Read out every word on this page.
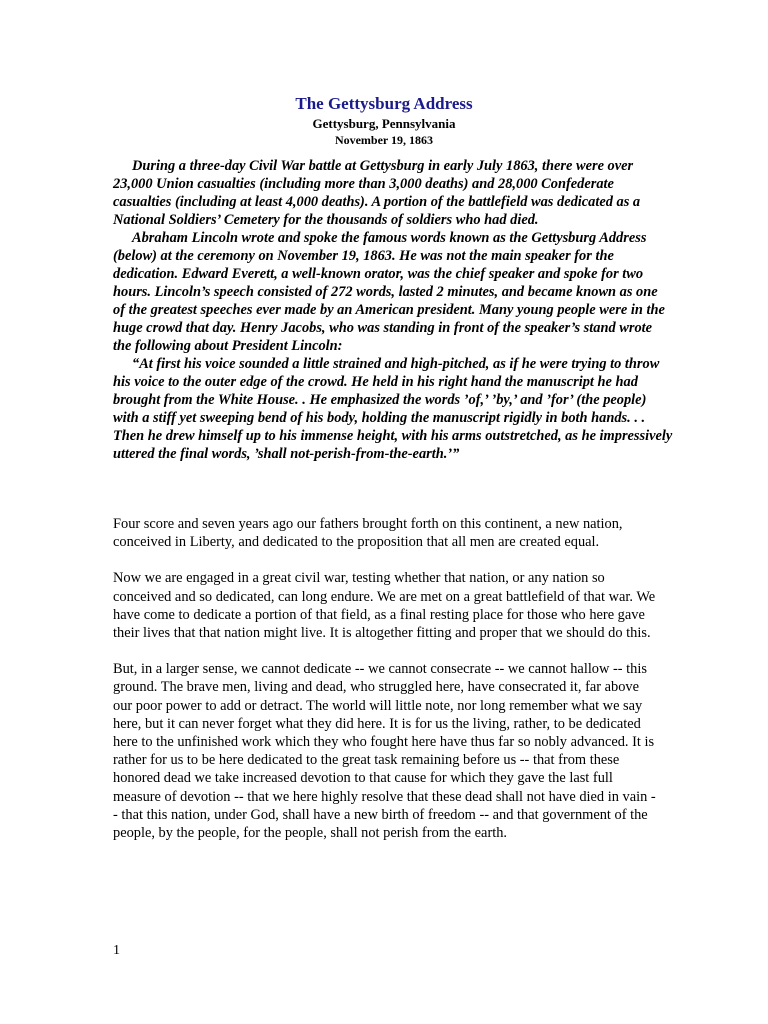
The Gettysburg Address
Gettysburg, Pennsylvania
November 19, 1863

During a three-day Civil War battle at Gettysburg in early July 1863, there were over 23,000 Union casualties (including more than 3,000 deaths) and 28,000 Confederate casualties (including at least 4,000 deaths). A portion of the battlefield was dedicated as a National Soldiers’ Cemetery for the thousands of soldiers who had died.

Abraham Lincoln wrote and spoke the famous words known as the Gettysburg Address (below) at the ceremony on November 19, 1863. He was not the main speaker for the dedication. Edward Everett, a well-known orator, was the chief speaker and spoke for two hours. Lincoln’s speech consisted of 272 words, lasted 2 minutes, and became known as one of the greatest speeches ever made by an American president. Many young people were in the huge crowd that day. Henry Jacobs, who was standing in front of the speaker’s stand wrote the following about President Lincoln:

“At first his voice sounded a little strained and high-pitched, as if he were trying to throw his voice to the outer edge of the crowd. He held in his right hand the manuscript he had brought from the White House. . He emphasized the words ’of,’ ’by,’ and ’for’ (the people) with a stiff yet sweeping bend of his body, holding the manuscript rigidly in both hands. . . Then he drew himself up to his immense height, with his arms outstretched, as he impressively uttered the final words, ’shall not-perish-from-the-earth.’”

Four score and seven years ago our fathers brought forth on this continent, a new nation, conceived in Liberty, and dedicated to the proposition that all men are created equal.

Now we are engaged in a great civil war, testing whether that nation, or any nation so conceived and so dedicated, can long endure. We are met on a great battlefield of that war. We have come to dedicate a portion of that field, as a final resting place for those who here gave their lives that that nation might live. It is altogether fitting and proper that we should do this.

But, in a larger sense, we cannot dedicate -- we cannot consecrate -- we cannot hallow -- this ground. The brave men, living and dead, who struggled here, have consecrated it, far above our poor power to add or detract. The world will little note, nor long remember what we say here, but it can never forget what they did here. It is for us the living, rather, to be dedicated here to the unfinished work which they who fought here have thus far so nobly advanced. It is rather for us to be here dedicated to the great task remaining before us -- that from these honored dead we take increased devotion to that cause for which they gave the last full measure of devotion -- that we here highly resolve that these dead shall not have died in vain -- that this nation, under God, shall have a new birth of freedom -- and that government of the people, by the people, for the people, shall not perish from the earth.

1
